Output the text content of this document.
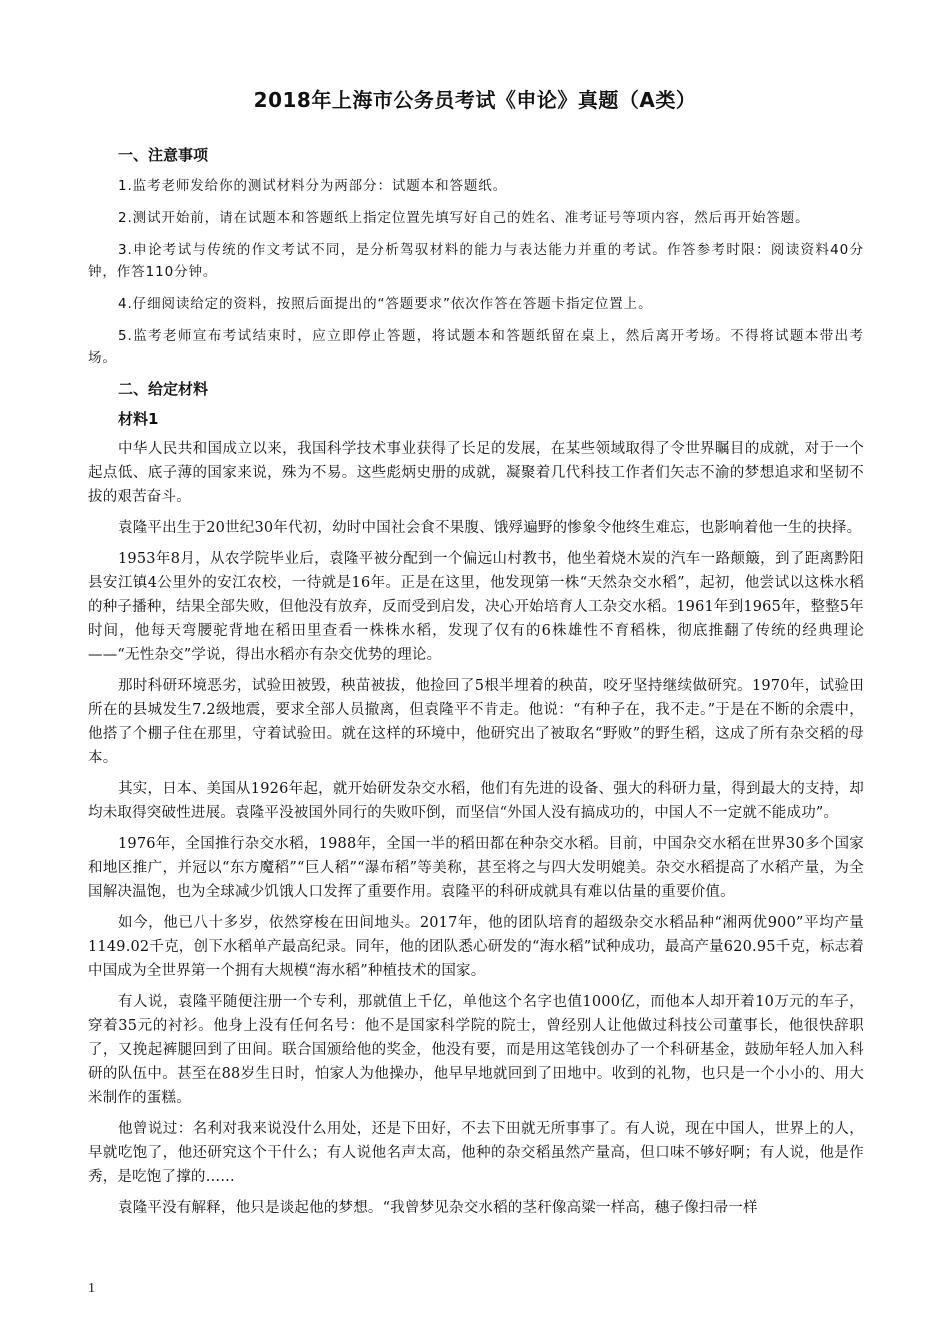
2018年上海市公务员考试《申论》真题（A类）
一、注意事项

1.监考老师发给你的测试材料分为两部分：试题本和答题纸。

2.测试开始前，请在试题本和答题纸上指定位置先填写好自己的姓名、准考证号等项内容，然后再开始答题。

3.申论考试与传统的作文考试不同，是分析驾驭材料的能力与表达能力并重的考试。作答参考时限：阅读资料40分钟，作答110分钟。

4.仔细阅读给定的资料，按照后面提出的“答题要求”依次作答在答题卡指定位置上。

5.监考老师宣布考试结束时，应立即停止答题，将试题本和答题纸留在桌上，然后离开考场。不得将试题本带出考场。

二、给定材料
材料1

中华人民共和国成立以来，我国科学技术事业获得了长足的发展，在某些领域取得了令世界瞩目的成就，对于一个起点低、底子薄的国家来说，殊为不易。这些彪炳史册的成就，凝聚着几代科技工作者们矢志不渝的梦想追求和坚韧不拔的艰苦奋斗。

袁隆平出生于20世纪30年代初，幼时中国社会食不果腹、饿殍遍野的惨象令他终生难忘，也影响着他一生的抉择。

1953年8月，从农学院毕业后，袁隆平被分配到一个偏远山村教书，他坐着烧木炭的汽车一路颠簸，到了距离黔阳县安江镇4公里外的安江农校，一待就是16年。正是在这里，他发现第一株“天然杂交水稻”，起初，他尝试以这株水稻的种子播种，结果全部失败，但他没有放弃，反而受到启发，决心开始培育人工杂交水稻。1961年到1965年，整整5年时间，他每天弯腰驼背地在稻田里查看一株株水稻，发现了仅有的6株雄性不育稻株，彻底推翻了传统的经典理论——“无性杂交”学说，得出水稻亦有杂交优势的理论。

那时科研环境恶劣，试验田被毁，秧苗被拔，他捡回了5根半埋着的秧苗，咬牙坚持继续做研究。1970年，试验田所在的县城发生7.2级地震，要求全部人员撤离，但袁隆平不肯走。他说：“有种子在，我不走。”于是在不断的余震中，他搭了个棚子住在那里，守着试验田。就在这样的环境中，他研究出了被取名“野败”的野生稻，这成了所有杂交稻的母本。

其实，日本、美国从1926年起，就开始研发杂交水稻，他们有先进的设备、强大的科研力量，得到最大的支持，却均未取得突破性进展。袁隆平没被国外同行的失败吓倒，而坚信“外国人没有搞成功的，中国人不一定就不能成功”。

1976年，全国推行杂交水稻，1988年，全国一半的稻田都在种杂交水稻。目前，中国杂交水稻在世界30多个国家和地区推广，并冠以“东方魔稻”“巨人稻”“瀑布稻”等美称，甚至将之与四大发明媲美。杂交水稻提高了水稻产量，为全国解决温饱，也为全球减少饥饿人口发挥了重要作用。袁隆平的科研成就具有难以估量的重要价值。

如今，他已八十多岁，依然穿梭在田间地头。2017年，他的团队培育的超级杂交水稻品种“湘两优900”平均产量1149.02千克，创下水稻单产最高纪录。同年，他的团队悉心研发的“海水稻”试种成功，最高产量620.95千克，标志着中国成为全世界第一个拥有大规模“海水稻”种植技术的国家。

有人说，袁隆平随便注册一个专利，那就值上千亿，单他这个名字也值1000亿，而他本人却开着10万元的车子，穿着35元的衬衫。他身上没有任何名号：他不是国家科学院的院士，曾经别人让他做过科技公司董事长，他很快辞职了，又挽起裤腿回到了田间。联合国颁给他的奖金，他没有要，而是用这笔钱创办了一个科研基金，鼓励年轻人加入科研的队伍中。甚至在88岁生日时，怕家人为他操办，他早早地就回到了田地中。收到的礼物，也只是一个小小的、用大米制作的蛋糕。

他曾说过：名利对我来说没什么用处，还是下田好，不去下田就无所事事了。有人说，现在中国人，世界上的人，早就吃饱了，他还研究这个干什么；有人说他名声太高，他种的杂交稻虽然产量高，但口味不够好啊；有人说，他是作秀，是吃饱了撑的……

袁隆平没有解释，他只是谈起他的梦想。“我曾梦见杂交水稻的茎秆像高粱一样高，穗子像扫帚一样

1
